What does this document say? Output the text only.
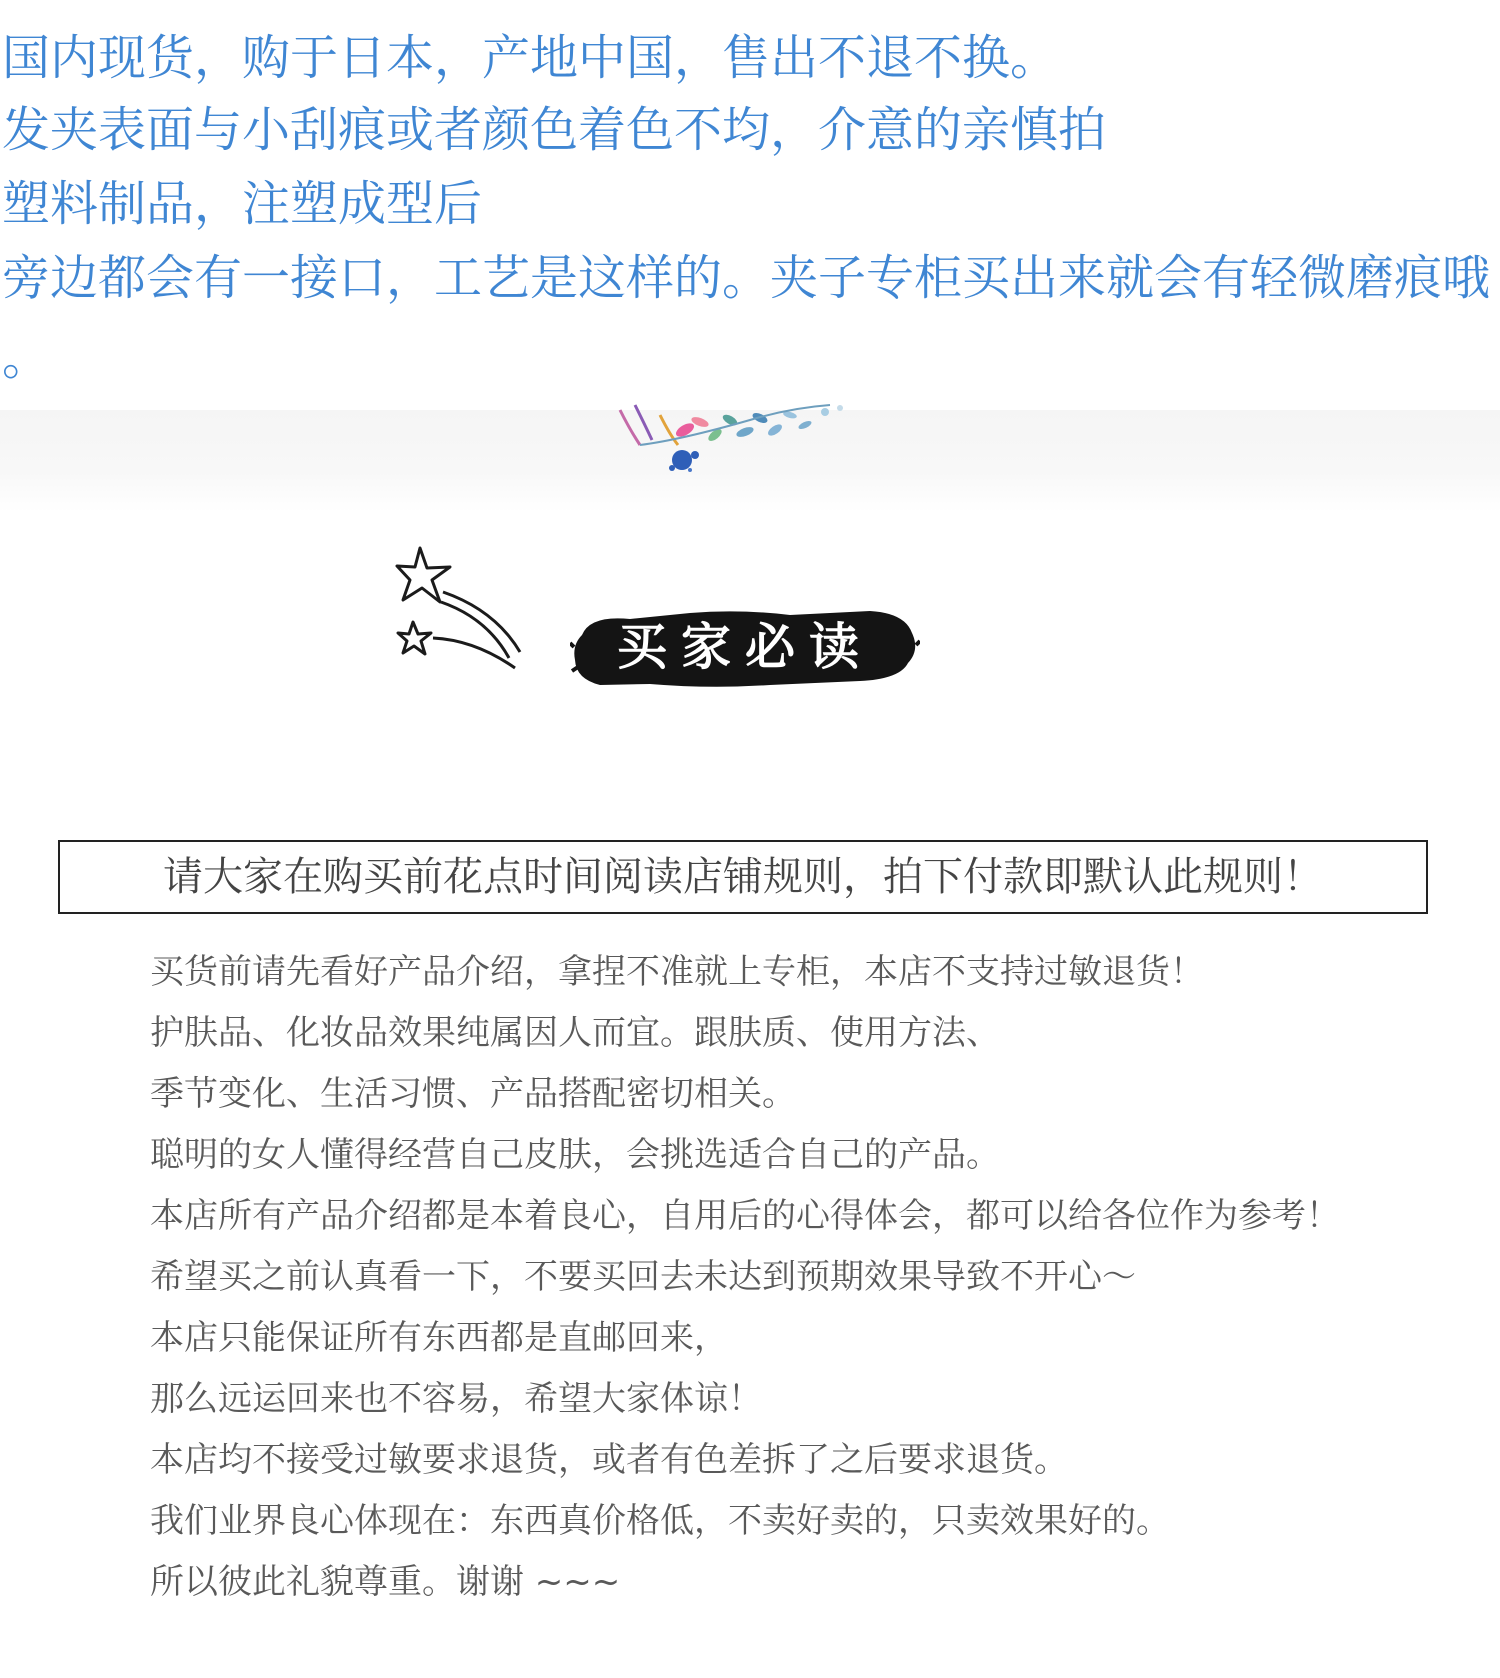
国内现货，购于日本，产地中国，售出不退不换。
发夹表面与小刮痕或者颜色着色不均，介意的亲慎拍
塑料制品，注塑成型后
旁边都会有一接口，工艺是这样的。夹子专柜买出来就会有轻微磨痕哦
。
买家必读
请大家在购买前花点时间阅读店铺规则，拍下付款即默认此规则！
买货前请先看好产品介绍，拿捏不准就上专柜，本店不支持过敏退货！
护肤品、化妆品效果纯属因人而宜。跟肤质、使用方法、
季节变化、生活习惯、产品搭配密切相关。
聪明的女人懂得经营自己皮肤，会挑选适合自己的产品。
本店所有产品介绍都是本着良心，自用后的心得体会，都可以给各位作为参考！
希望买之前认真看一下，不要买回去未达到预期效果导致不开心～
本店只能保证所有东西都是直邮回来，
那么远运回来也不容易，希望大家体谅！
本店均不接受过敏要求退货，或者有色差拆了之后要求退货。
我们业界良心体现在：东西真价格低，不卖好卖的，只卖效果好的。
所以彼此礼貌尊重。谢谢 ~~~
